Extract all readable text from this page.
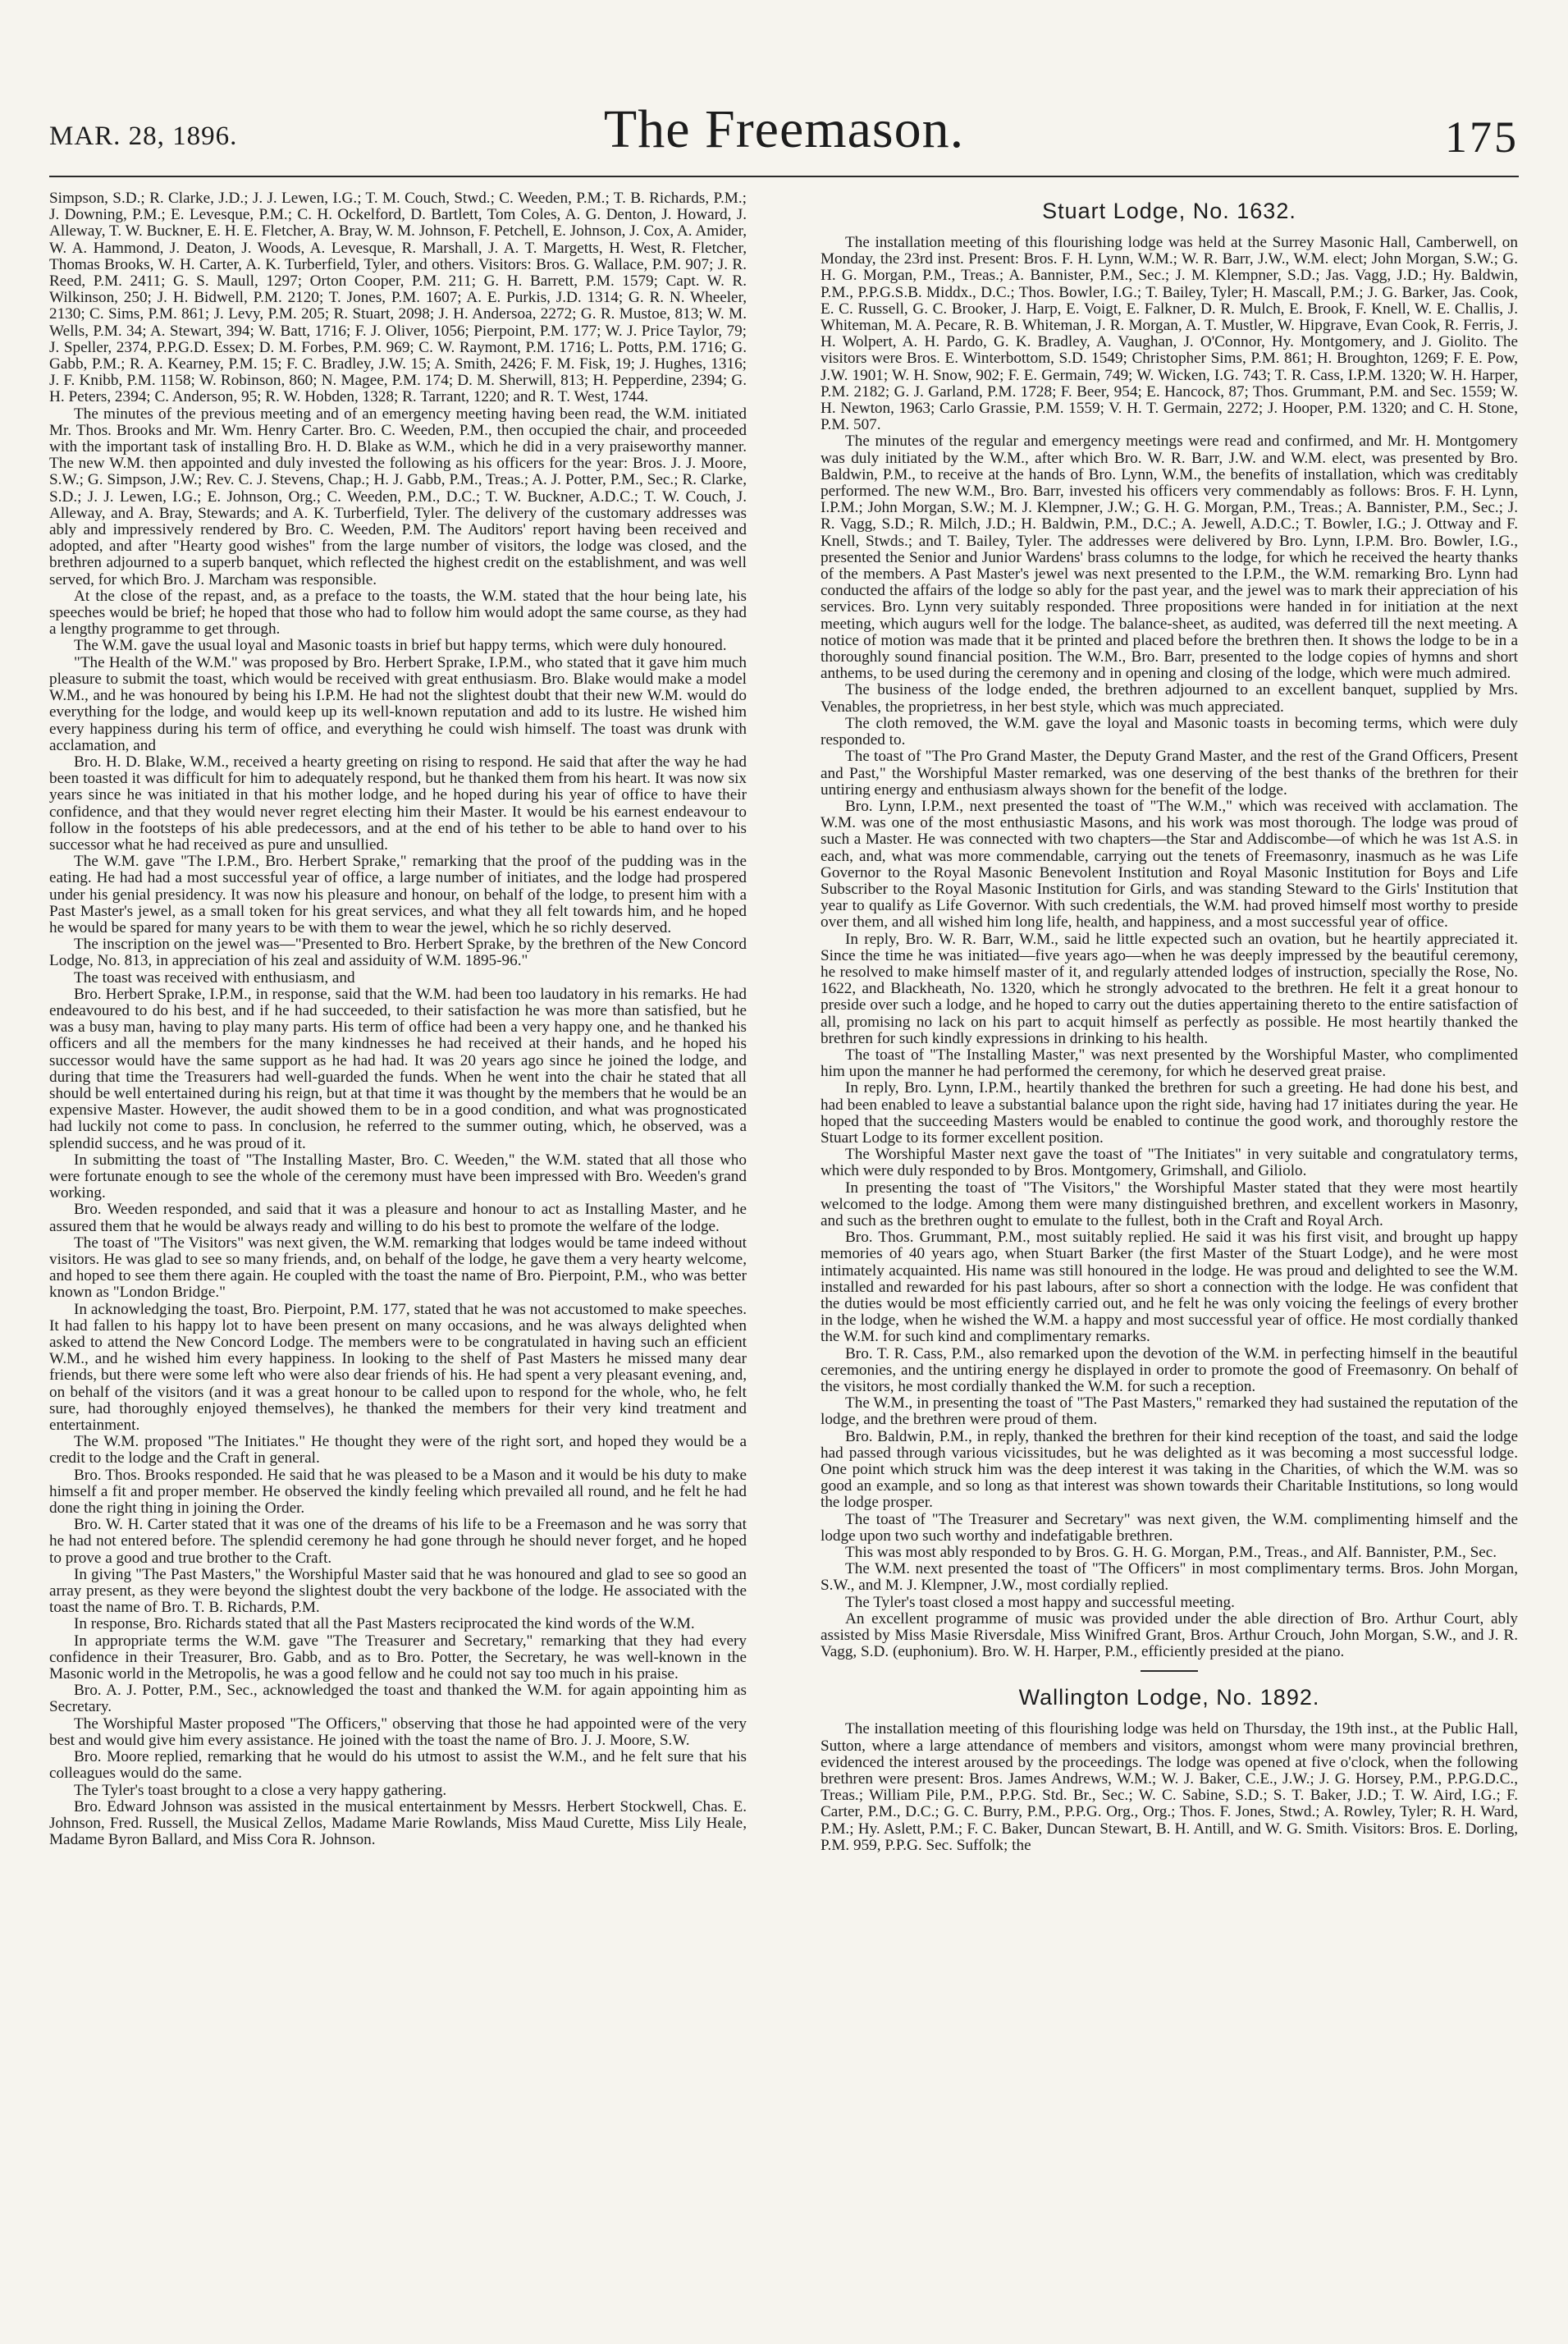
MAR. 28, 1896.	The Freemason.	175

Simpson, S.D.; R. Clarke, J.D.; J. J. Lewen, I.G.; T. M. Couch, Stwd.; C. Weeden, P.M.; T. B. Richards, P.M.; J. Downing, P.M.; E. Levesque, P.M.; C. H. Ockelford, D. Bartlett, Tom Coles, A. G. Denton, J. Howard, J. Alleway, T. W. Buckner, E. H. E. Fletcher, A. Bray, W. M. Johnson, F. Petchell, E. Johnson, J. Cox, A. Amider, W. A. Hammond, J. Deaton, J. Woods, A. Levesque, R. Marshall, J. A. T. Margetts, H. West, R. Fletcher, Thomas Brooks, W. H. Carter, A. K. Turberfield, Tyler, and others. Visitors: Bros. G. Wallace, P.M. 907; J. R. Reed, P.M. 2411; G. S. Maull, 1297; Orton Cooper, P.M. 211; G. H. Barrett, P.M. 1579; Capt. W. R. Wilkinson, 250; J. H. Bidwell, P.M. 2120; T. Jones, P.M. 1607; A. E. Purkis, J.D. 1314; G. R. N. Wheeler, 2130; C. Sims, P.M. 861; J. Levy, P.M. 205; R. Stuart, 2098; J. H. Andersoa, 2272; G. R. Mustoe, 813; W. M. Wells, P.M. 34; A. Stewart, 394; W. Batt, 1716; F. J. Oliver, 1056; Pierpoint, P.M. 177; W. J. Price Taylor, 79; J. Speller, 2374, P.P.G.D. Essex; D. M. Forbes, P.M. 969; C. W. Raymont, P.M. 1716; L. Potts, P.M. 1716; G. Gabb, P.M.; R. A. Kearney, P.M. 15; F. C. Bradley, J.W. 15; A. Smith, 2426; F. M. Fisk, 19; J. Hughes, 1316; J. F. Knibb, P.M. 1158; W. Robinson, 860; N. Magee, P.M. 174; D. M. Sherwill, 813; H. Pepperdine, 2394; G. H. Peters, 2394; C. Anderson, 95; R. W. Hobden, 1328; R. Tarrant, 1220; and R. T. West, 1744.

The minutes of the previous meeting and of an emergency meeting having been read, the W.M. initiated Mr. Thos. Brooks and Mr. Wm. Henry Carter. Bro. C. Weeden, P.M., then occupied the chair, and proceeded with the important task of installing Bro. H. D. Blake as W.M., which he did in a very praiseworthy manner. The new W.M. then appointed and duly invested the following as his officers for the year: Bros. J. J. Moore, S.W.; G. Simpson, J.W.; Rev. C. J. Stevens, Chap.; H. J. Gabb, P.M., Treas.; A. J. Potter, P.M., Sec.; R. Clarke, S.D.; J. J. Lewen, I.G.; E. Johnson, Org.; C. Weeden, P.M., D.C.; T. W. Buckner, A.D.C.; T. W. Couch, J. Alleway, and A. Bray, Stewards; and A. K. Turberfield, Tyler. The delivery of the customary addresses was ably and impressively rendered by Bro. C. Weeden, P.M. The Auditors' report having been received and adopted, and after "Hearty good wishes" from the large number of visitors, the lodge was closed, and the brethren adjourned to a superb banquet, which reflected the highest credit on the establishment, and was well served, for which Bro. J. Marcham was responsible.

At the close of the repast, and, as a preface to the toasts, the W.M. stated that the hour being late, his speeches would be brief; he hoped that those who had to follow him would adopt the same course, as they had a lengthy programme to get through.

The W.M. gave the usual loyal and Masonic toasts in brief but happy terms, which were duly honoured.

"The Health of the W.M." was proposed by Bro. Herbert Sprake, I.P.M., who stated that it gave him much pleasure to submit the toast, which would be received with great enthusiasm. Bro. Blake would make a model W.M., and he was honoured by being his I.P.M. He had not the slightest doubt that their new W.M. would do everything for the lodge, and would keep up its well-known reputation and add to its lustre. He wished him every happiness during his term of office, and everything he could wish himself. The toast was drunk with acclamation, and

Bro. H. D. Blake, W.M., received a hearty greeting on rising to respond. He said that after the way he had been toasted it was difficult for him to adequately respond, but he thanked them from his heart. It was now six years since he was initiated in that his mother lodge, and he hoped during his year of office to have their confidence, and that they would never regret electing him their Master. It would be his earnest endeavour to follow in the footsteps of his able predecessors, and at the end of his tether to be able to hand over to his successor what he had received as pure and unsullied.

The W.M. gave "The I.P.M., Bro. Herbert Sprake," remarking that the proof of the pudding was in the eating. He had had a most successful year of office, a large number of initiates, and the lodge had prospered under his genial presidency. It was now his pleasure and honour, on behalf of the lodge, to present him with a Past Master's jewel, as a small token for his great services, and what they all felt towards him, and he hoped he would be spared for many years to be with them to wear the jewel, which he so richly deserved.

The inscription on the jewel was—"Presented to Bro. Herbert Sprake, by the brethren of the New Concord Lodge, No. 813, in appreciation of his zeal and assiduity of W.M. 1895-96."

The toast was received with enthusiasm, and

Bro. Herbert Sprake, I.P.M., in response, said that the W.M. had been too laudatory in his remarks. He had endeavoured to do his best, and if he had succeeded, to their satisfaction he was more than satisfied, but he was a busy man, having to play many parts. His term of office had been a very happy one, and he thanked his officers and all the members for the many kindnesses he had received at their hands, and he hoped his successor would have the same support as he had had. It was 20 years ago since he joined the lodge, and during that time the Treasurers had well-guarded the funds. When he went into the chair he stated that all should be well entertained during his reign, but at that time it was thought by the members that he would be an expensive Master. However, the audit showed them to be in a good condition, and what was prognosticated had luckily not come to pass. In conclusion, he referred to the summer outing, which, he observed, was a splendid success, and he was proud of it.

In submitting the toast of "The Installing Master, Bro. C. Weeden," the W.M. stated that all those who were fortunate enough to see the whole of the ceremony must have been impressed with Bro. Weeden's grand working.

Bro. Weeden responded, and said that it was a pleasure and honour to act as Installing Master, and he assured them that he would be always ready and willing to do his best to promote the welfare of the lodge.

The toast of "The Visitors" was next given, the W.M. remarking that lodges would be tame indeed without visitors. He was glad to see so many friends, and, on behalf of the lodge, he gave them a very hearty welcome, and hoped to see them there again. He coupled with the toast the name of Bro. Pierpoint, P.M., who was better known as "London Bridge."

In acknowledging the toast, Bro. Pierpoint, P.M. 177, stated that he was not accustomed to make speeches. It had fallen to his happy lot to have been present on many occasions, and he was always delighted when asked to attend the New Concord Lodge. The members were to be congratulated in having such an efficient W.M., and he wished him every happiness. In looking to the shelf of Past Masters he missed many dear friends, but there were some left who were also dear friends of his. He had spent a very pleasant evening, and, on behalf of the visitors (and it was a great honour to be called upon to respond for the whole, who, he felt sure, had thoroughly enjoyed themselves), he thanked the members for their very kind treatment and entertainment.

The W.M. proposed "The Initiates." He thought they were of the right sort, and hoped they would be a credit to the lodge and the Craft in general.

Bro. Thos. Brooks responded. He said that he was pleased to be a Mason and it would be his duty to make himself a fit and proper member. He observed the kindly feeling which prevailed all round, and he felt he had done the right thing in joining the Order.

Bro. W. H. Carter stated that it was one of the dreams of his life to be a Freemason and he was sorry that he had not entered before. The splendid ceremony he had gone through he should never forget, and he hoped to prove a good and true brother to the Craft.

In giving "The Past Masters," the Worshipful Master said that he was honoured and glad to see so good an array present, as they were beyond the slightest doubt the very backbone of the lodge. He associated with the toast the name of Bro. T. B. Richards, P.M.

In response, Bro. Richards stated that all the Past Masters reciprocated the kind words of the W.M.

In appropriate terms the W.M. gave "The Treasurer and Secretary," remarking that they had every confidence in their Treasurer, Bro. Gabb, and as to Bro. Potter, the Secretary, he was well-known in the Masonic world in the Metropolis, he was a good fellow and he could not say too much in his praise.

Bro. A. J. Potter, P.M., Sec., acknowledged the toast and thanked the W.M. for again appointing him as Secretary.

The Worshipful Master proposed "The Officers," observing that those he had appointed were of the very best and would give him every assistance. He joined with the toast the name of Bro. J. J. Moore, S.W.

Bro. Moore replied, remarking that he would do his utmost to assist the W.M., and he felt sure that his colleagues would do the same.

The Tyler's toast brought to a close a very happy gathering.

Bro. Edward Johnson was assisted in the musical entertainment by Messrs. Herbert Stockwell, Chas. E. Johnson, Fred. Russell, the Musical Zellos, Madame Marie Rowlands, Miss Maud Curette, Miss Lily Heale, Madame Byron Ballard, and Miss Cora R. Johnson.

Stuart Lodge, No. 1632.

The installation meeting of this flourishing lodge was held at the Surrey Masonic Hall, Camberwell, on Monday, the 23rd inst. Present: Bros. F. H. Lynn, W.M.; W. R. Barr, J.W., W.M. elect; John Morgan, S.W.; G. H. G. Morgan, P.M., Treas.; A. Bannister, P.M., Sec.; J. M. Klempner, S.D.; Jas. Vagg, J.D.; Hy. Baldwin, P.M., P.P.G.S.B. Middx., D.C.; Thos. Bowler, I.G.; T. Bailey, Tyler; H. Mascall, P.M.; J. G. Barker, Jas. Cook, E. C. Russell, G. C. Brooker, J. Harp, E. Voigt, E. Falkner, D. R. Mulch, E. Brook, F. Knell, W. E. Challis, J. Whiteman, M. A. Pecare, R. B. Whiteman, J. R. Morgan, A. T. Mustler, W. Hipgrave, Evan Cook, R. Ferris, J. H. Wolpert, A. H. Pardo, G. K. Bradley, A. Vaughan, J. O'Connor, Hy. Montgomery, and J. Giolito. The visitors were Bros. E. Winterbottom, S.D. 1549; Christopher Sims, P.M. 861; H. Broughton, 1269; F. E. Pow, J.W. 1901; W. H. Snow, 902; F. E. Germain, 749; W. Wicken, I.G. 743; T. R. Cass, I.P.M. 1320; W. H. Harper, P.M. 2182; G. J. Garland, P.M. 1728; F. Beer, 954; E. Hancock, 87; Thos. Grummant, P.M. and Sec. 1559; W. H. Newton, 1963; Carlo Grassie, P.M. 1559; V. H. T. Germain, 2272; J. Hooper, P.M. 1320; and C. H. Stone, P.M. 507.

The minutes of the regular and emergency meetings were read and confirmed, and Mr. H. Montgomery was duly initiated by the W.M., after which Bro. W. R. Barr, J.W. and W.M. elect, was presented by Bro. Baldwin, P.M., to receive at the hands of Bro. Lynn, W.M., the benefits of installation, which was creditably performed. The new W.M., Bro. Barr, invested his officers very commendably as follows: Bros. F. H. Lynn, I.P.M.; John Morgan, S.W.; M. J. Klempner, J.W.; G. H. G. Morgan, P.M., Treas.; A. Bannister, P.M., Sec.; J. R. Vagg, S.D.; R. Milch, J.D.; H. Baldwin, P.M., D.C.; A. Jewell, A.D.C.; T. Bowler, I.G.; J. Ottway and F. Knell, Stwds.; and T. Bailey, Tyler. The addresses were delivered by Bro. Lynn, I.P.M. Bro. Bowler, I.G., presented the Senior and Junior Wardens' brass columns to the lodge, for which he received the hearty thanks of the members. A Past Master's jewel was next presented to the I.P.M., the W.M. remarking Bro. Lynn had conducted the affairs of the lodge so ably for the past year, and the jewel was to mark their appreciation of his services. Bro. Lynn very suitably responded. Three propositions were handed in for initiation at the next meeting, which augurs well for the lodge. The balance-sheet, as audited, was deferred till the next meeting. A notice of motion was made that it be printed and placed before the brethren then. It shows the lodge to be in a thoroughly sound financial position. The W.M., Bro. Barr, presented to the lodge copies of hymns and short anthems, to be used during the ceremony and in opening and closing of the lodge, which were much admired.

The business of the lodge ended, the brethren adjourned to an excellent banquet, supplied by Mrs. Venables, the proprietress, in her best style, which was much appreciated.

The cloth removed, the W.M. gave the loyal and Masonic toasts in becoming terms, which were duly responded to.

The toast of "The Pro Grand Master, the Deputy Grand Master, and the rest of the Grand Officers, Present and Past," the Worshipful Master remarked, was one deserving of the best thanks of the brethren for their untiring energy and enthusiasm always shown for the benefit of the lodge.

Bro. Lynn, I.P.M., next presented the toast of "The W.M.," which was received with acclamation. The W.M. was one of the most enthusiastic Masons, and his work was most thorough. The lodge was proud of such a Master. He was connected with two chapters—the Star and Addiscombe—of which he was 1st A.S. in each, and, what was more commendable, carrying out the tenets of Freemasonry, inasmuch as he was Life Governor to the Royal Masonic Benevolent Institution and Royal Masonic Institution for Boys and Life Subscriber to the Royal Masonic Institution for Girls, and was standing Steward to the Girls' Institution that year to qualify as Life Governor. With such credentials, the W.M. had proved himself most worthy to preside over them, and all wished him long life, health, and happiness, and a most successful year of office.

In reply, Bro. W. R. Barr, W.M., said he little expected such an ovation, but he heartily appreciated it. Since the time he was initiated—five years ago—when he was deeply impressed by the beautiful ceremony, he resolved to make himself master of it, and regularly attended lodges of instruction, specially the Rose, No. 1622, and Blackheath, No. 1320, which he strongly advocated to the brethren. He felt it a great honour to preside over such a lodge, and he hoped to carry out the duties appertaining thereto to the entire satisfaction of all, promising no lack on his part to acquit himself as perfectly as possible. He most heartily thanked the brethren for such kindly expressions in drinking to his health.

The toast of "The Installing Master," was next presented by the Worshipful Master, who complimented him upon the manner he had performed the ceremony, for which he deserved great praise.

In reply, Bro. Lynn, I.P.M., heartily thanked the brethren for such a greeting. He had done his best, and had been enabled to leave a substantial balance upon the right side, having had 17 initiates during the year. He hoped that the succeeding Masters would be enabled to continue the good work, and thoroughly restore the Stuart Lodge to its former excellent position.

The Worshipful Master next gave the toast of "The Initiates" in very suitable and congratulatory terms, which were duly responded to by Bros. Montgomery, Grimshall, and Giliolo.

In presenting the toast of "The Visitors," the Worshipful Master stated that they were most heartily welcomed to the lodge. Among them were many distinguished brethren, and excellent workers in Masonry, and such as the brethren ought to emulate to the fullest, both in the Craft and Royal Arch.

Bro. Thos. Grummant, P.M., most suitably replied. He said it was his first visit, and brought up happy memories of 40 years ago, when Stuart Barker (the first Master of the Stuart Lodge), and he were most intimately acquainted. His name was still honoured in the lodge. He was proud and delighted to see the W.M. installed and rewarded for his past labours, after so short a connection with the lodge. He was confident that the duties would be most efficiently carried out, and he felt he was only voicing the feelings of every brother in the lodge, when he wished the W.M. a happy and most successful year of office. He most cordially thanked the W.M. for such kind and complimentary remarks.

Bro. T. R. Cass, P.M., also remarked upon the devotion of the W.M. in perfecting himself in the beautiful ceremonies, and the untiring energy he displayed in order to promote the good of Freemasonry. On behalf of the visitors, he most cordially thanked the W.M. for such a reception.

The W.M., in presenting the toast of "The Past Masters," remarked they had sustained the reputation of the lodge, and the brethren were proud of them.

Bro. Baldwin, P.M., in reply, thanked the brethren for their kind reception of the toast, and said the lodge had passed through various vicissitudes, but he was delighted as it was becoming a most successful lodge. One point which struck him was the deep interest it was taking in the Charities, of which the W.M. was so good an example, and so long as that interest was shown towards their Charitable Institutions, so long would the lodge prosper.

The toast of "The Treasurer and Secretary" was next given, the W.M. complimenting himself and the lodge upon two such worthy and indefatigable brethren.

This was most ably responded to by Bros. G. H. G. Morgan, P.M., Treas., and Alf. Bannister, P.M., Sec.

The W.M. next presented the toast of "The Officers" in most complimentary terms. Bros. John Morgan, S.W., and M. J. Klempner, J.W., most cordially replied.

The Tyler's toast closed a most happy and successful meeting.

An excellent programme of music was provided under the able direction of Bro. Arthur Court, ably assisted by Miss Masie Riversdale, Miss Winifred Grant, Bros. Arthur Crouch, John Morgan, S.W., and J. R. Vagg, S.D. (euphonium). Bro. W. H. Harper, P.M., efficiently presided at the piano.

Wallington Lodge, No. 1892.

The installation meeting of this flourishing lodge was held on Thursday, the 19th inst., at the Public Hall, Sutton, where a large attendance of members and visitors, amongst whom were many provincial brethren, evidenced the interest aroused by the proceedings. The lodge was opened at five o'clock, when the following brethren were present: Bros. James Andrews, W.M.; W. J. Baker, C.E., J.W.; J. G. Horsey, P.M., P.P.G.D.C., Treas.; William Pile, P.M., P.P.G. Std. Br., Sec.; W. C. Sabine, S.D.; S. T. Baker, J.D.; T. W. Aird, I.G.; F. Carter, P.M., D.C.; G. C. Burry, P.M., P.P.G. Org., Org.; Thos. F. Jones, Stwd.; A. Rowley, Tyler; R. H. Ward, P.M.; Hy. Aslett, P.M.; F. C. Baker, Duncan Stewart, B. H. Antill, and W. G. Smith. Visitors: Bros. E. Dorling, P.M. 959, P.P.G. Sec. Suffolk; the
